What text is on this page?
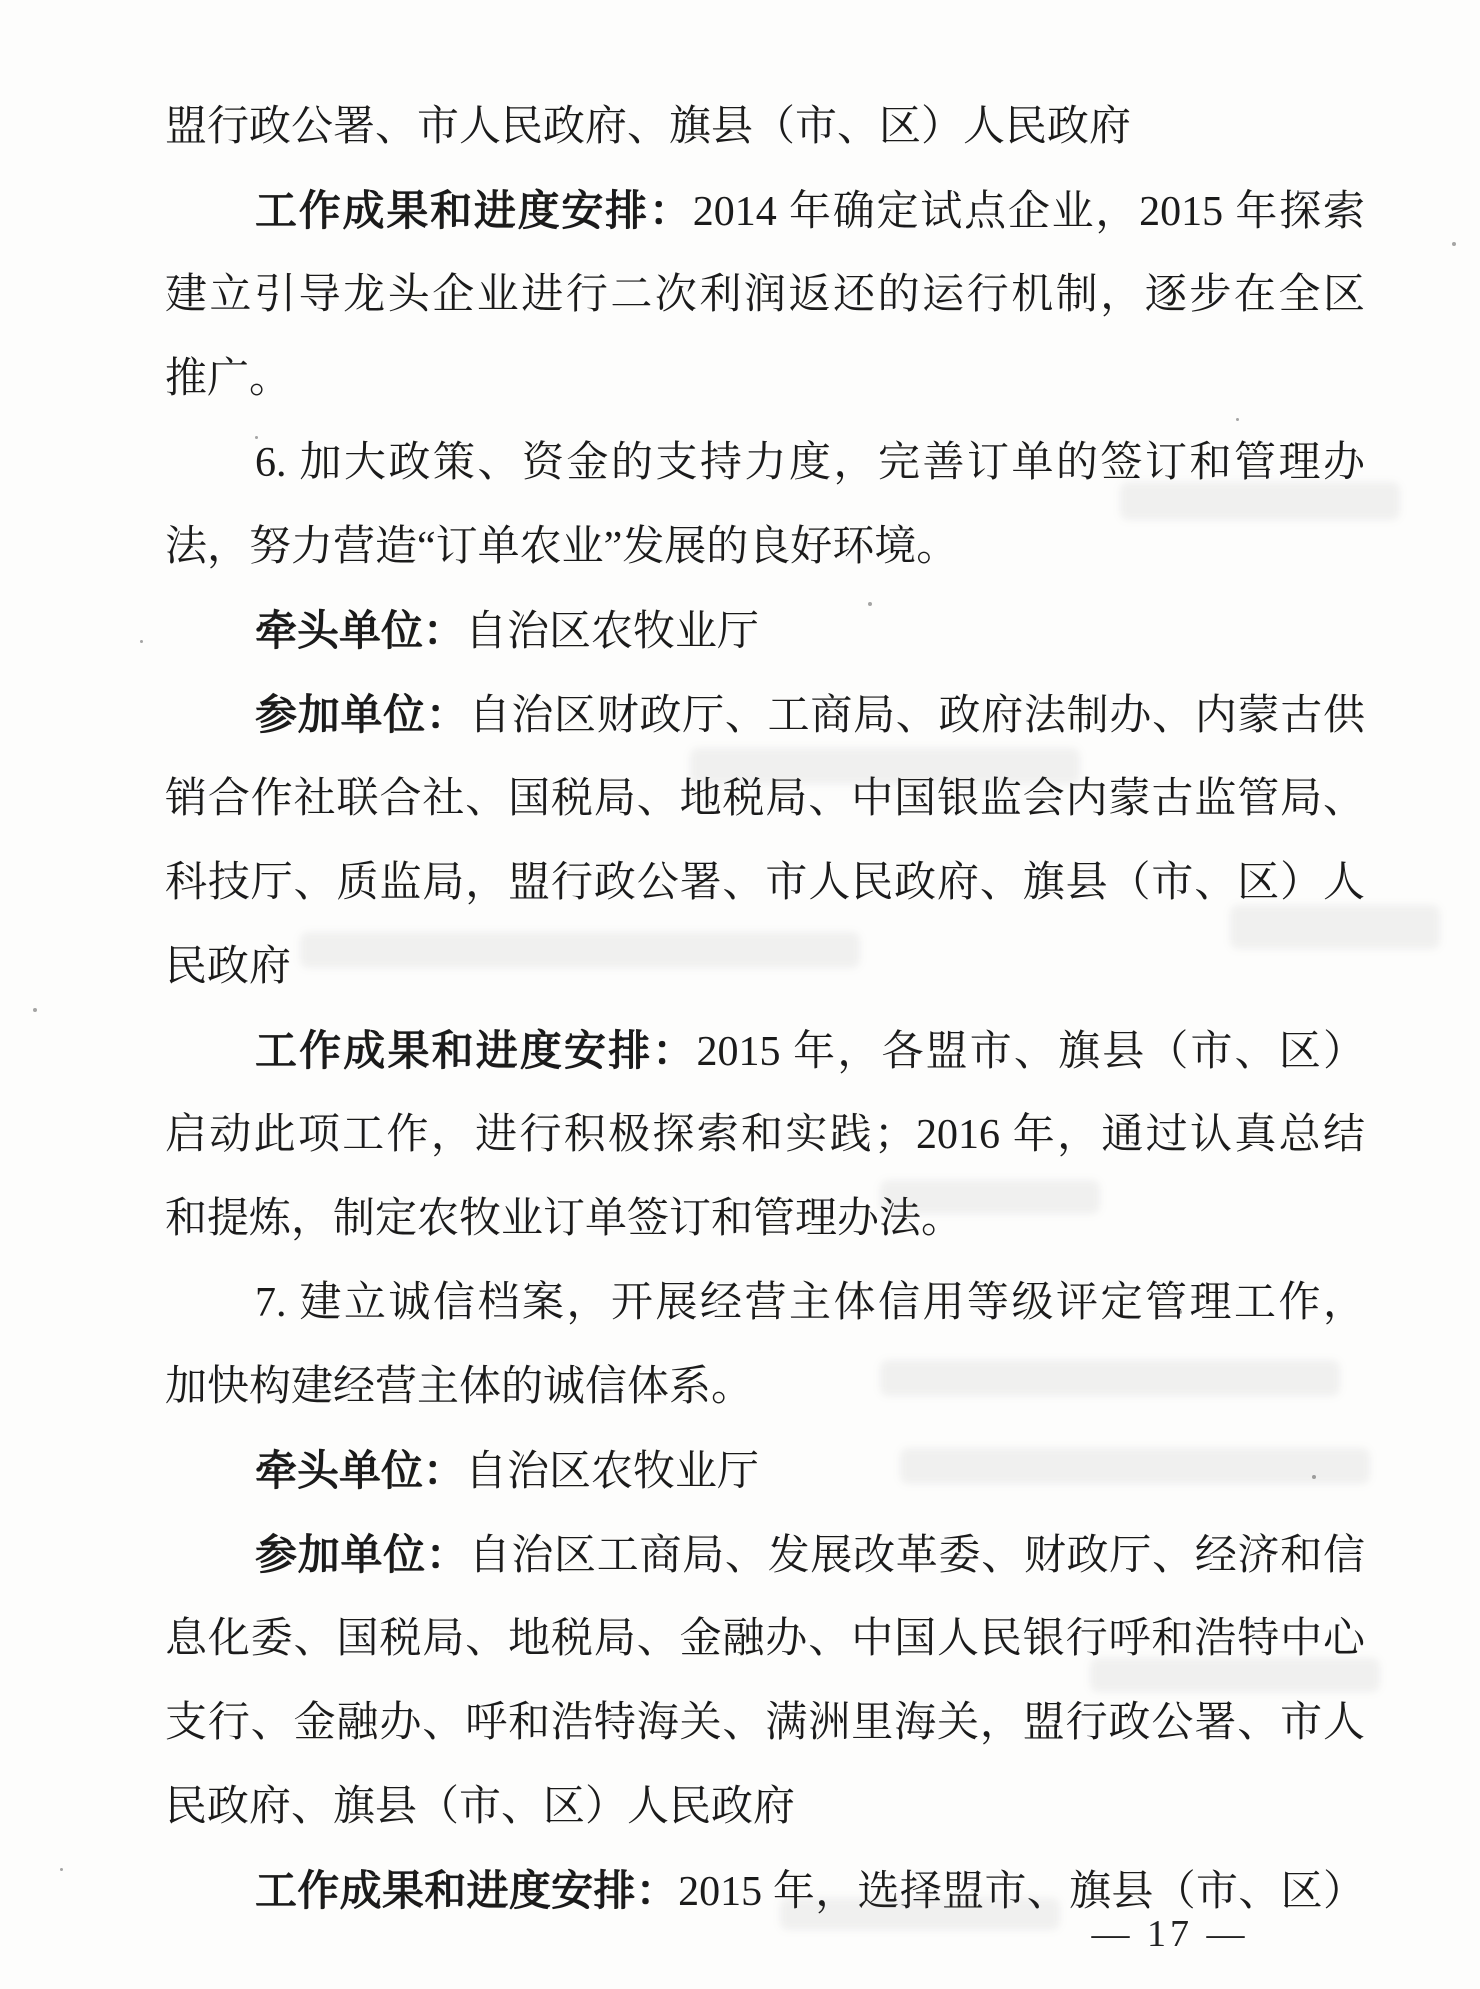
盟行政公署、市人民政府、旗县（市、区）人民政府
工作成果和进度安排：2014 年确定试点企业，2015 年探索
建立引导龙头企业进行二次利润返还的运行机制，逐步在全区
推广。
6. 加大政策、资金的支持力度，完善订单的签订和管理办
法，努力营造“订单农业”发展的良好环境。
牵头单位：自治区农牧业厅
参加单位：自治区财政厅、工商局、政府法制办、内蒙古供
销合作社联合社、国税局、地税局、中国银监会内蒙古监管局、
科技厅、质监局，盟行政公署、市人民政府、旗县（市、区）人
民政府
工作成果和进度安排：2015 年，各盟市、旗县（市、区）
启动此项工作，进行积极探索和实践；2016 年，通过认真总结
和提炼，制定农牧业订单签订和管理办法。
7. 建立诚信档案，开展经营主体信用等级评定管理工作，
加快构建经营主体的诚信体系。
牵头单位：自治区农牧业厅
参加单位：自治区工商局、发展改革委、财政厅、经济和信
息化委、国税局、地税局、金融办、中国人民银行呼和浩特中心
支行、金融办、呼和浩特海关、满洲里海关，盟行政公署、市人
民政府、旗县（市、区）人民政府
工作成果和进度安排：2015 年，选择盟市、旗县（市、区）
— 17 —
